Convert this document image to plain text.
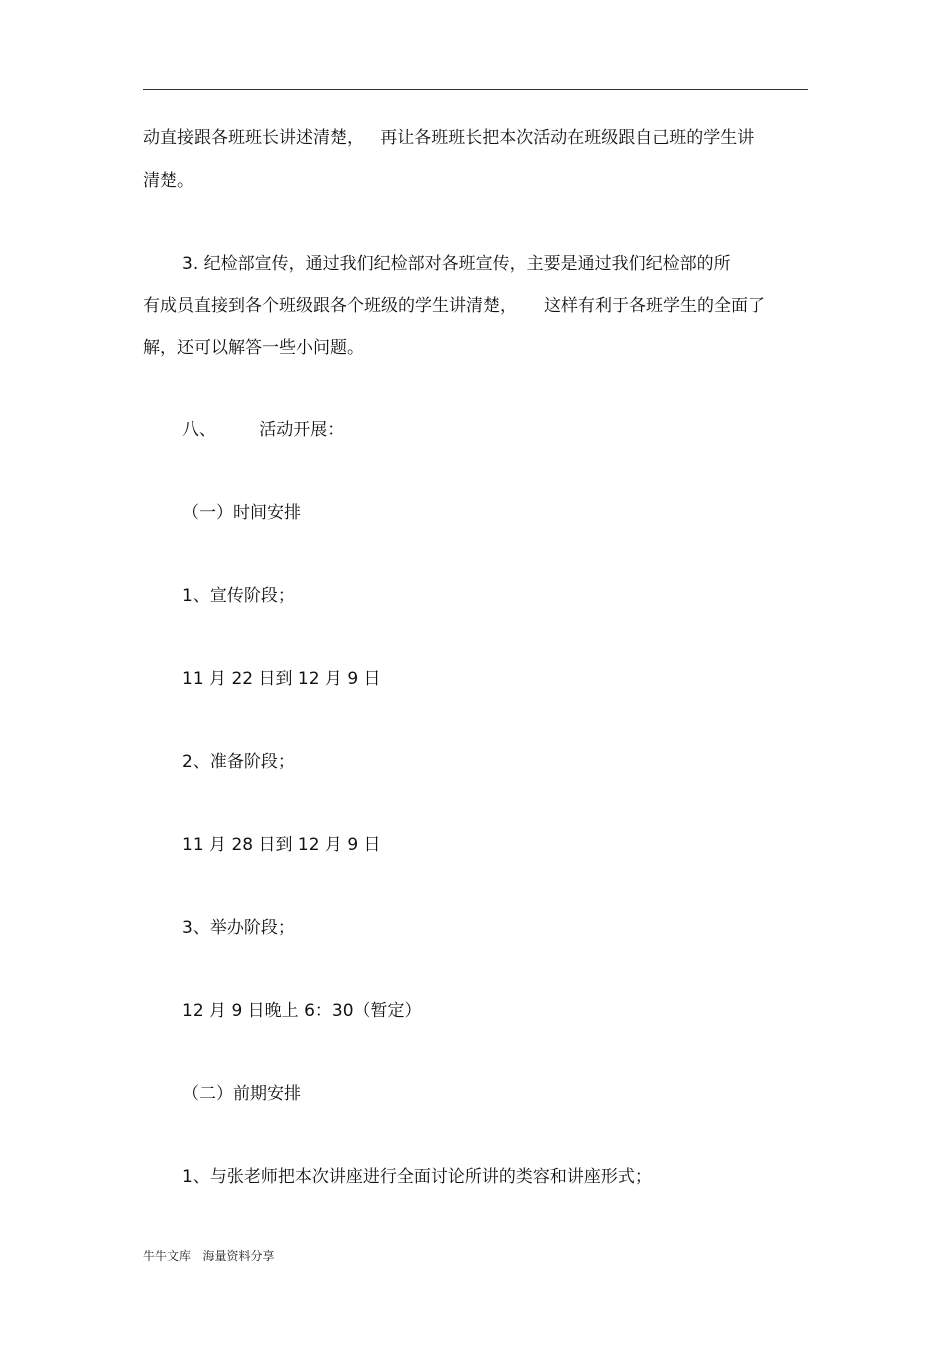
动直接跟各班班长讲述清楚，   再让各班班长把本次活动在班级跟自己班的学生讲
清楚。
3. 纪检部宣传，通过我们纪检部对各班宣传，主要是通过我们纪检部的所
有成员直接到各个班级跟各个班级的学生讲清楚，     这样有利于各班学生的全面了
解，还可以解答一些小问题。
八、        活动开展：
（一）时间安排
1、宣传阶段；
11 月 22 日到 12 月 9 日
2、准备阶段；
11 月 28 日到 12 月 9 日
3、举办阶段；
12 月 9 日晚上 6：30（暂定）
（二）前期安排
1、与张老师把本次讲座进行全面讨论所讲的类容和讲座形式；
牛牛文库   海量资料分享
